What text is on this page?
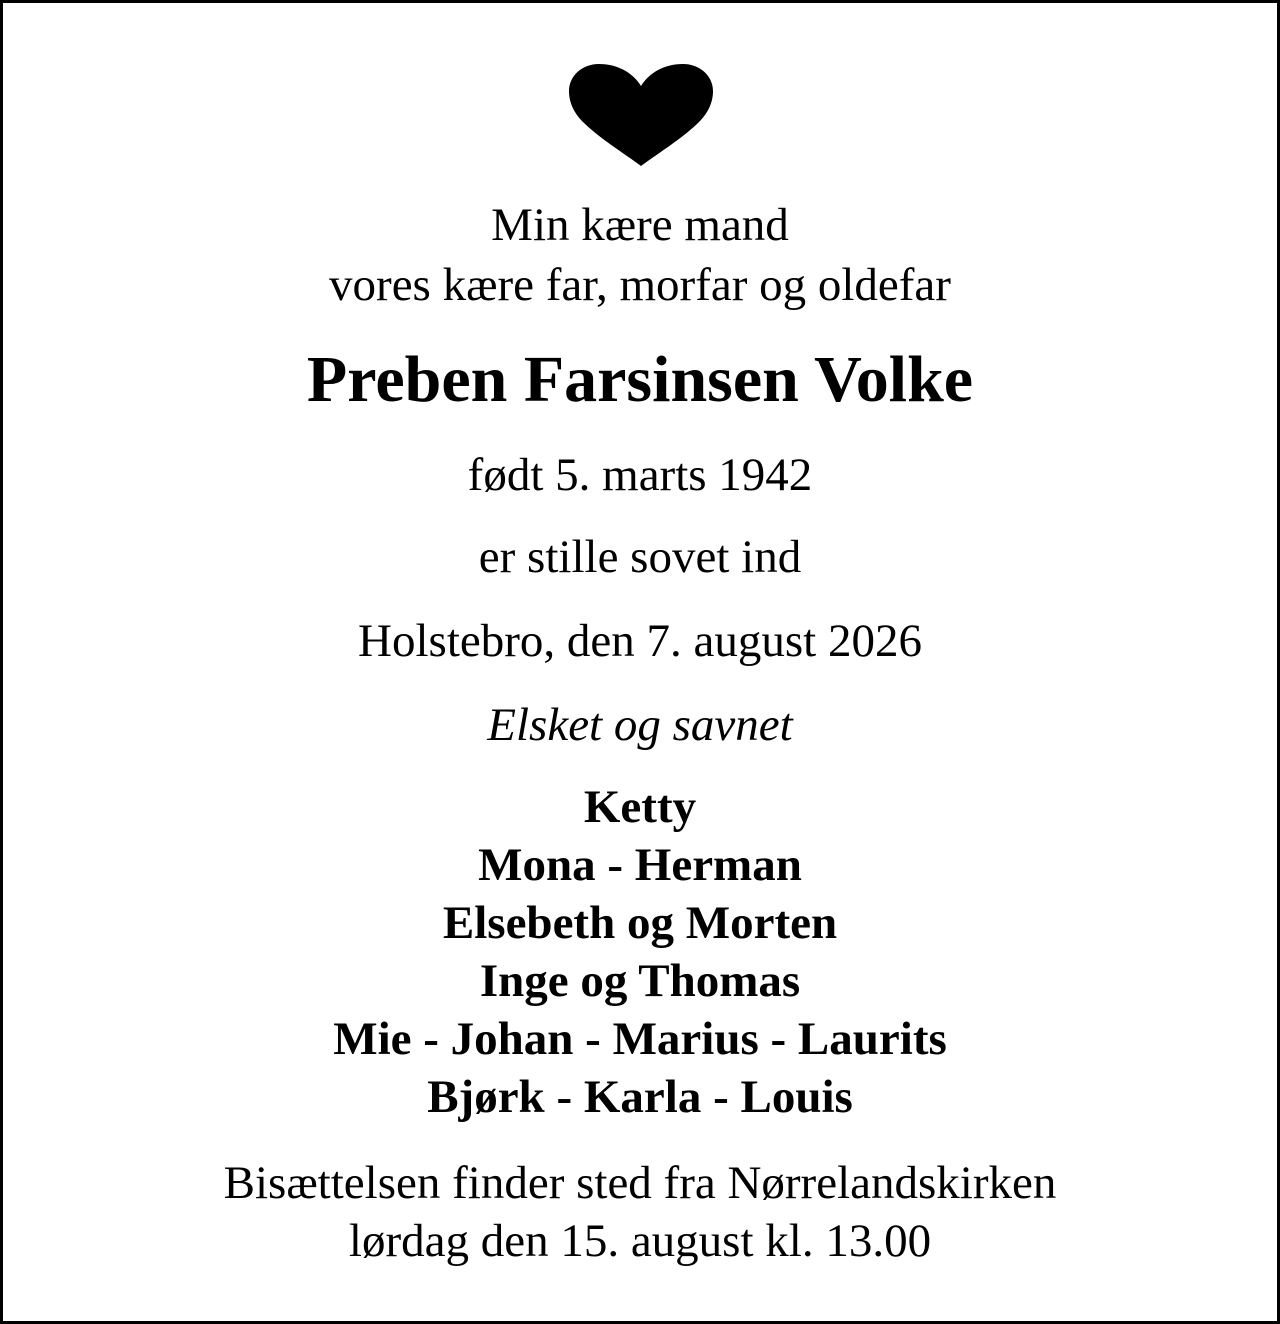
Min kære mand

vores kære far, morfar og oldefar

Preben Farsinsen Volke

født 5. marts 1942

er stille sovet ind

Holstebro, den 7. august 2026

Elsket og savnet

Ketty

Mona - Herman

Elsebeth og Morten

Inge og Thomas

Mie - Johan - Marius - Laurits

Bjørk - Karla - Louis

Bisættelsen finder sted fra Nørrelandskirken

lørdag den 15. august kl. 13.00
